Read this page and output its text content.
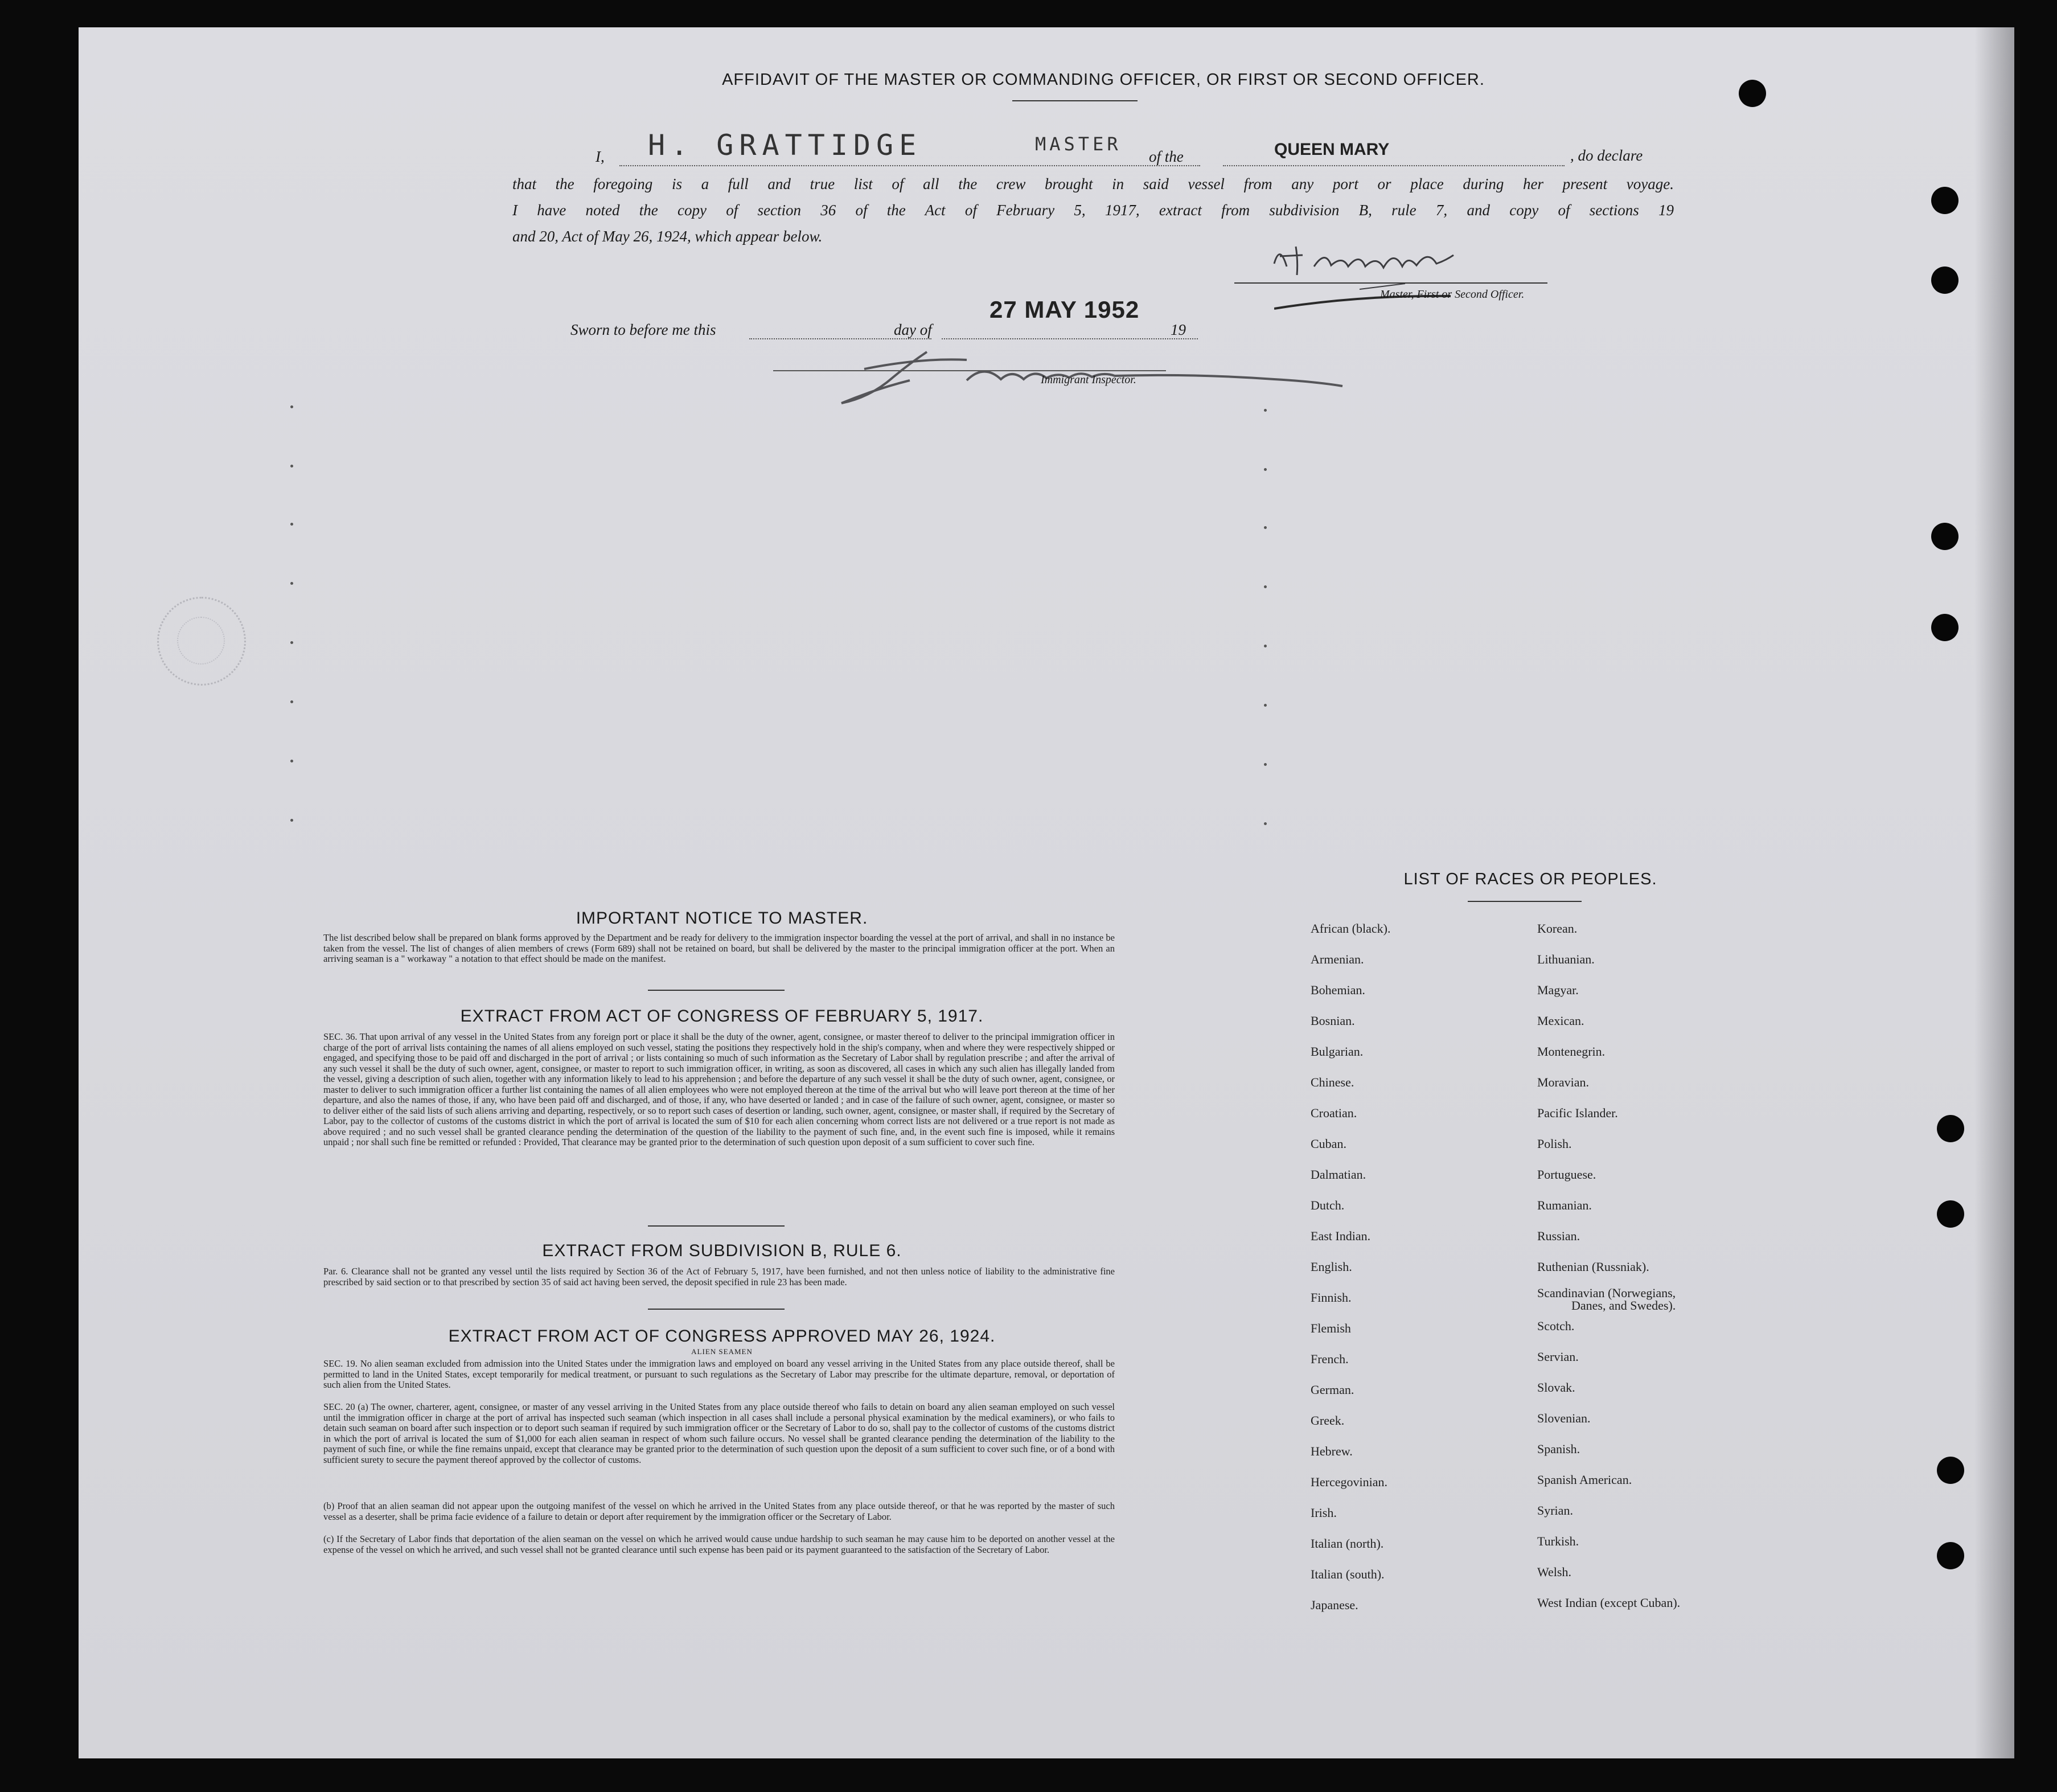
AFFIDAVIT OF THE MASTER OR COMMANDING OFFICER, OR FIRST OR SECOND OFFICER.
I, H. GRATTIDGE	MASTER
of the	QUEEN MARY	, do declare
that the foregoing is a full and true list of all the crew brought in said vessel from any port or place during her present voyage.
I have noted the copy of section 36 of the Act of February 5, 1917, extract from subdivision B, rule 7, and copy of sections 19
and 20, Act of May 26, 1924, which appear below.
Master, First or Second Officer.
Sworn to before me this	day of
27 MAY 1952
19
Immigrant Inspector.
IMPORTANT NOTICE TO MASTER.
The list described below shall be prepared on blank forms approved by the Department and be ready for delivery to the immigration inspector boarding the vessel at the port of arrival, and shall in no instance be taken from the vessel. The list of changes of alien members of crews (Form 689) shall not be retained on board, but shall be delivered by the master to the principal immigration officer at the port. When an arriving seaman is a " workaway " a notation to that effect should be made on the manifest.
EXTRACT FROM ACT OF CONGRESS OF FEBRUARY 5, 1917.
SEC. 36. That upon arrival of any vessel in the United States from any foreign port or place it shall be the duty of the owner, agent, consignee, or master thereof to deliver to the principal immigration officer in charge of the port of arrival lists containing the names of all aliens employed on such vessel, stating the positions they respectively hold in the ship's company, when and where they were respectively shipped or engaged, and specifying those to be paid off and discharged in the port of arrival ; or lists containing so much of such information as the Secretary of Labor shall by regulation prescribe ; and after the arrival of any such vessel it shall be the duty of such owner, agent, consignee, or master to report to such immigration officer, in writing, as soon as discovered, all cases in which any such alien has illegally landed from the vessel, giving a description of such alien, together with any information likely to lead to his apprehension ; and before the departure of any such vessel it shall be the duty of such owner, agent, consignee, or master to deliver to such immigration officer a further list containing the names of all alien employees who were not employed thereon at the time of the arrival but who will leave port thereon at the time of her departure, and also the names of those, if any, who have been paid off and discharged, and of those, if any, who have deserted or landed ; and in case of the failure of such owner, agent, consignee, or master so to deliver either of the said lists of such aliens arriving and departing, respectively, or so to report such cases of desertion or landing, such owner, agent, consignee, or master shall, if required by the Secretary of Labor, pay to the collector of customs of the customs district in which the port of arrival is located the sum of $10 for each alien concerning whom correct lists are not delivered or a true report is not made as above required ; and no such vessel shall be granted clearance pending the determination of the question of the liability to the payment of such fine, and, in the event such fine is imposed, while it remains unpaid ; nor shall such fine be remitted or refunded : Provided, That clearance may be granted prior to the determination of such question upon deposit of a sum sufficient to cover such fine.
EXTRACT FROM SUBDIVISION B, RULE 6.
Par. 6. Clearance shall not be granted any vessel until the lists required by Section 36 of the Act of February 5, 1917, have been furnished, and not then unless notice of liability to the administrative fine prescribed by said section or to that prescribed by section 35 of said act having been served, the deposit specified in rule 23 has been made.
EXTRACT FROM ACT OF CONGRESS APPROVED MAY 26, 1924.
ALIEN SEAMEN
SEC. 19. No alien seaman excluded from admission into the United States under the immigration laws and employed on board any vessel arriving in the United States from any place outside thereof, shall be permitted to land in the United States, except temporarily for medical treatment, or pursuant to such regulations as the Secretary of Labor may prescribe for the ultimate departure, removal, or deportation of such alien from the United States.
SEC. 20 (a) The owner, charterer, agent, consignee, or master of any vessel arriving in the United States from any place outside thereof who fails to detain on board any alien seaman employed on such vessel until the immigration officer in charge at the port of arrival has inspected such seaman (which inspection in all cases shall include a personal physical examination by the medical examiners), or who fails to detain such seaman on board after such inspection or to deport such seaman if required by such immigration officer or the Secretary of Labor to do so, shall pay to the collector of customs of the customs district in which the port of arrival is located the sum of $1,000 for each alien seaman in respect of whom such failure occurs. No vessel shall be granted clearance pending the determination of the liability to the payment of such fine, or while the fine remains unpaid, except that clearance may be granted prior to the determination of such question upon the deposit of a sum sufficient to cover such fine, or of a bond with sufficient surety to secure the payment thereof approved by the collector of customs.
(b) Proof that an alien seaman did not appear upon the outgoing manifest of the vessel on which he arrived in the United States from any place outside thereof, or that he was reported by the master of such vessel as a deserter, shall be prima facie evidence of a failure to detain or deport after requirement by the immigration officer or the Secretary of Labor.
(c) If the Secretary of Labor finds that deportation of the alien seaman on the vessel on which he arrived would cause undue hardship to such seaman he may cause him to be deported on another vessel at the expense of the vessel on which he arrived, and such vessel shall not be granted clearance until such expense has been paid or its payment guaranteed to the satisfaction of the Secretary of Labor.
LIST OF RACES OR PEOPLES.
African (black).
Armenian.
Bohemian.
Bosnian.
Bulgarian.
Chinese.
Croatian.
Cuban.
Dalmatian.
Dutch.
East Indian.
English.
Finnish.
Flemish
French.
German.
Greek.
Hebrew.
Hercegovinian.
Irish.
Italian (north).
Italian (south).
Japanese.
Korean.
Lithuanian.
Magyar.
Mexican.
Montenegrin.
Moravian.
Pacific Islander.
Polish.
Portuguese.
Rumanian.
Russian.
Ruthenian (Russniak).
Scandinavian (Norwegians,
Danes, and Swedes).
Scotch.
Servian.
Slovak.
Slovenian.
Spanish.
Spanish American.
Syrian.
Turkish.
Welsh.
West Indian (except Cuban).
